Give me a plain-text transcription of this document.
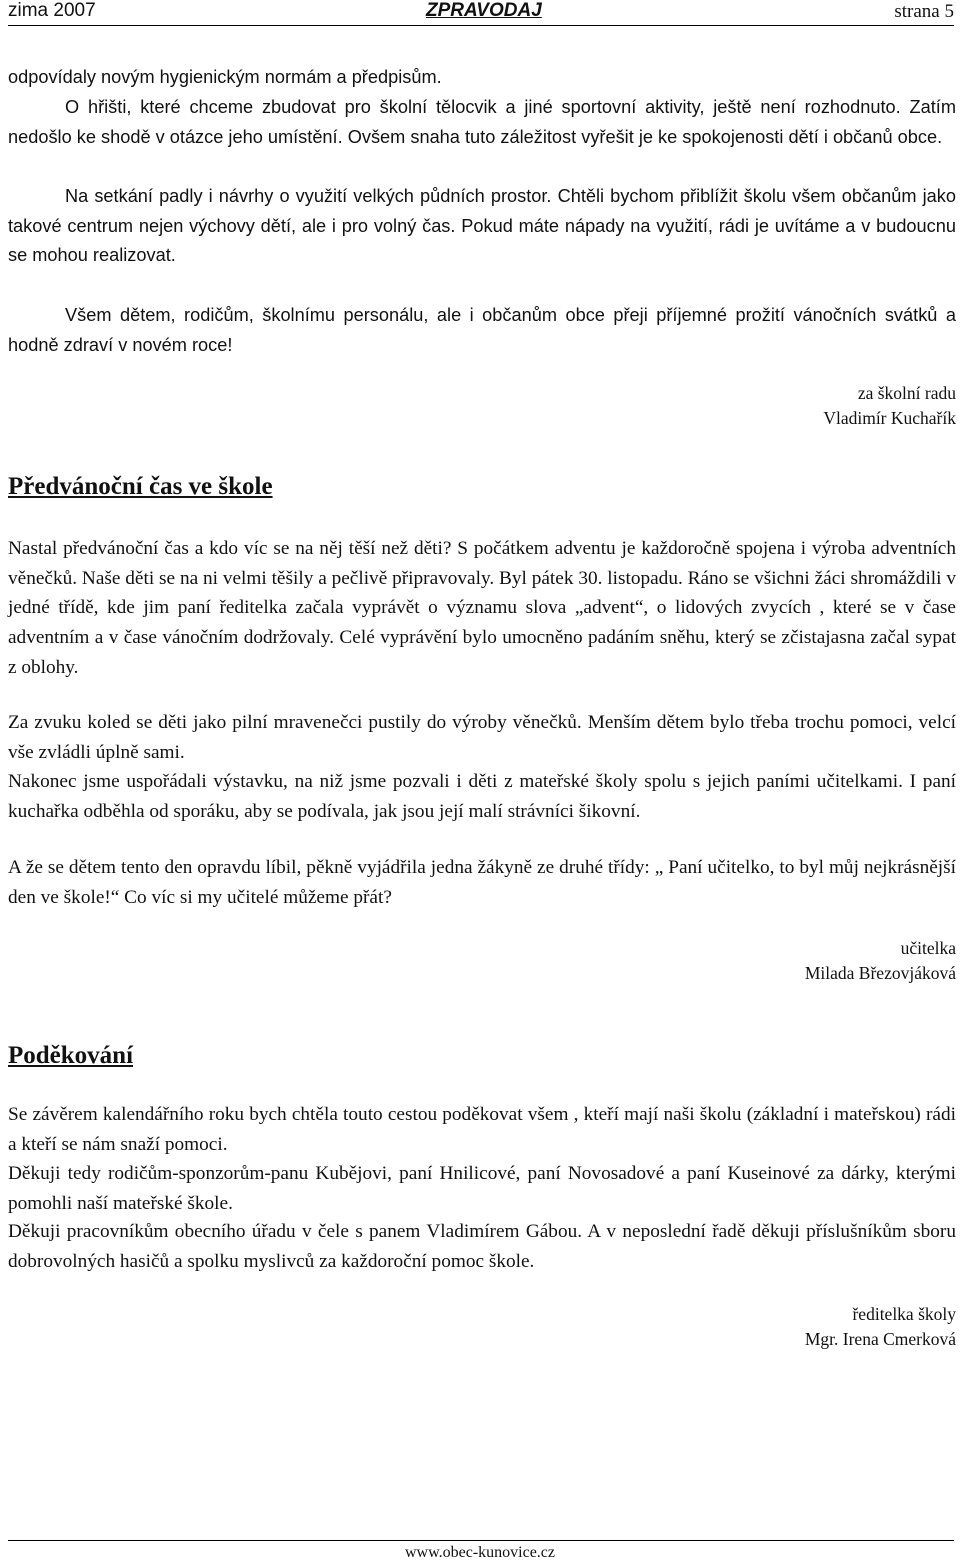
zima 2007	ZPRAVODAJ	strana 5

odpovídaly novým hygienickým normám a předpisům.

O hřišti, které chceme zbudovat pro školní tělocvik a jiné sportovní aktivity, ještě není rozhodnuto. Zatím nedošlo ke shodě v otázce jeho umístění. Ovšem snaha tuto záležitost vyřešit je ke spokojenosti dětí i občanů obce.

Na setkání padly i návrhy o využití velkých půdních prostor. Chtěli bychom přiblížit školu všem občanům jako takové centrum nejen výchovy dětí, ale i pro volný čas. Pokud máte nápady na využití, rádi je uvítáme a v budoucnu se mohou realizovat.

Všem dětem, rodičům, školnímu personálu, ale i občanům obce přeji příjemné prožití vánočních svátků a hodně zdraví v novém roce!

za školní radu
Vladimír Kuchařík
Předvánoční čas ve škole

Nastal předvánoční čas a kdo víc se na něj těší než děti? S počátkem adventu je každoročně spojena i výroba adventních věnečků. Naše děti se na ni velmi těšily a pečlivě připravovaly. Byl pátek 30. listopadu. Ráno se všichni žáci shromáždili v jedné třídě, kde jim paní ředitelka začala vyprávět o významu slova „advent“, o lidových zvycích , které se v čase adventním a v čase vánočním dodržovaly. Celé vyprávění bylo umocněno padáním sněhu, který se zčistajasna začal sypat z oblohy.

Za zvuku koled se děti jako pilní mravenečci pustily do výroby věnečků. Menším dětem bylo třeba trochu pomoci, velcí vše zvládli úplně sami.

Nakonec jsme uspořádali výstavku, na niž jsme pozvali i děti z mateřské školy spolu s jejich paními učitelkami. I paní kuchařka odběhla od sporáku, aby se podívala, jak jsou její malí strávníci šikovní.

A že se dětem tento den opravdu líbil, pěkně vyjádřila jedna žákyně ze druhé třídy: „ Paní učitelko, to byl můj nejkrásnější den ve škole!“ Co víc si my učitelé můžeme přát?

učitelka
Milada Březovjáková
Poděkování

Se závěrem kalendářního roku bych chtěla touto cestou poděkovat všem , kteří mají naši školu (základní i mateřskou) rádi a kteří se nám snaží pomoci.

Děkuji tedy rodičům-sponzorům-panu Kubějovi, paní Hnilicové, paní Novosadové a paní Kuseinové za dárky, kterými pomohli naší mateřské škole.

Děkuji pracovníkům obecního úřadu v čele s panem Vladimírem Gábou. A v neposlední řadě děkuji příslušníkům sboru dobrovolných hasičů a spolku myslivců za každoroční pomoc škole.

ředitelka školy
Mgr. Irena Cmerková
www.obec-kunovice.cz
